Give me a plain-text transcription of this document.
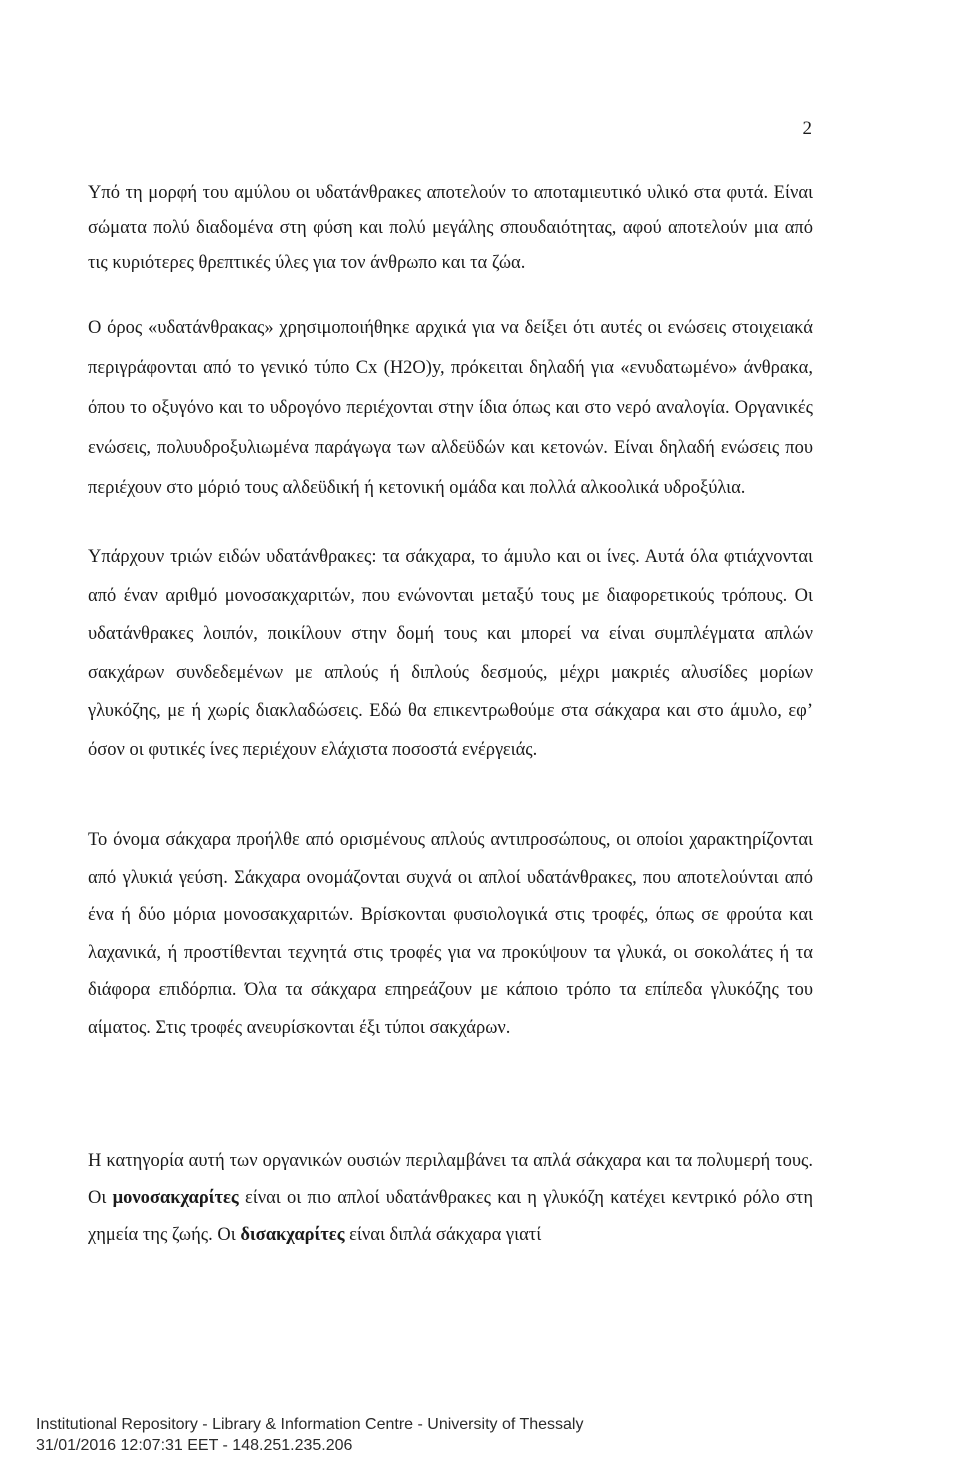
2

Υπό τη μορφή του αμύλου οι υδατάνθρακες αποτελούν το αποταμιευτικό υλικό στα φυτά. Είναι σώματα πολύ διαδομένα στη φύση και πολύ μεγάλης σπουδαιότητας, αφού αποτελούν μια από τις κυριότερες θρεπτικές ύλες για τον άνθρωπο και τα ζώα.

Ο όρος «υδατάνθρακας» χρησιμοποιήθηκε αρχικά για να δείξει ότι αυτές οι ενώσεις στοιχειακά περιγράφονται από το γενικό τύπο Cx (H2O)y, πρόκειται δηλαδή για «ενυδατωμένο» άνθρακα, όπου το οξυγόνο και το υδρογόνο περιέχονται στην ίδια όπως και στο νερό αναλογία. Οργανικές ενώσεις, πολυυδροξυλιωμένα παράγωγα των αλδεϋδών και κετονών. Είναι δηλαδή ενώσεις που περιέχουν στο μόριό τους αλδεϋδική ή κετονική ομάδα και πολλά αλκοολικά υδροξύλια.

Υπάρχουν τριών ειδών υδατάνθρακες: τα σάκχαρα, το άμυλο και οι ίνες. Αυτά όλα φτιάχνονται από έναν αριθμό μονοσακχαριτών, που ενώνονται μεταξύ τους με διαφορετικούς τρόπους. Οι υδατάνθρακες λοιπόν, ποικίλουν στην δομή τους και μπορεί να είναι συμπλέγματα απλών σακχάρων συνδεδεμένων με απλούς ή διπλούς δεσμούς, μέχρι μακριές αλυσίδες μορίων γλυκόζης, με ή χωρίς διακλαδώσεις. Εδώ θα επικεντρωθούμε στα σάκχαρα και στο άμυλο, εφ’ όσον οι φυτικές ίνες περιέχουν ελάχιστα ποσοστά ενέργειάς.

Το όνομα σάκχαρα προήλθε από ορισμένους απλούς αντιπροσώπους, οι οποίοι χαρακτηρίζονται από γλυκιά γεύση. Σάκχαρα ονομάζονται συχνά οι απλοί υδατάνθρακες, που αποτελούνται από ένα ή δύο μόρια μονοσακχαριτών. Βρίσκονται φυσιολογικά στις τροφές, όπως σε φρούτα και λαχανικά, ή προστίθενται τεχνητά στις τροφές για να προκύψουν τα γλυκά, οι σοκολάτες ή τα διάφορα επιδόρπια. Όλα τα σάκχαρα επηρεάζουν με κάποιο τρόπο τα επίπεδα γλυκόζης του αίματος. Στις τροφές ανευρίσκονται έξι τύποι σακχάρων.

Η κατηγορία αυτή των οργανικών ουσιών περιλαμβάνει τα απλά σάκχαρα και τα πολυμερή τους. Οι μονοσακχαρίτες είναι οι πιο απλοί υδατάνθρακες και η γλυκόζη κατέχει κεντρικό ρόλο στη χημεία της ζωής. Οι δισακχαρίτες είναι διπλά σάκχαρα γιατί

Institutional Repository - Library & Information Centre - University of Thessaly
31/01/2016 12:07:31 EET - 148.251.235.206
